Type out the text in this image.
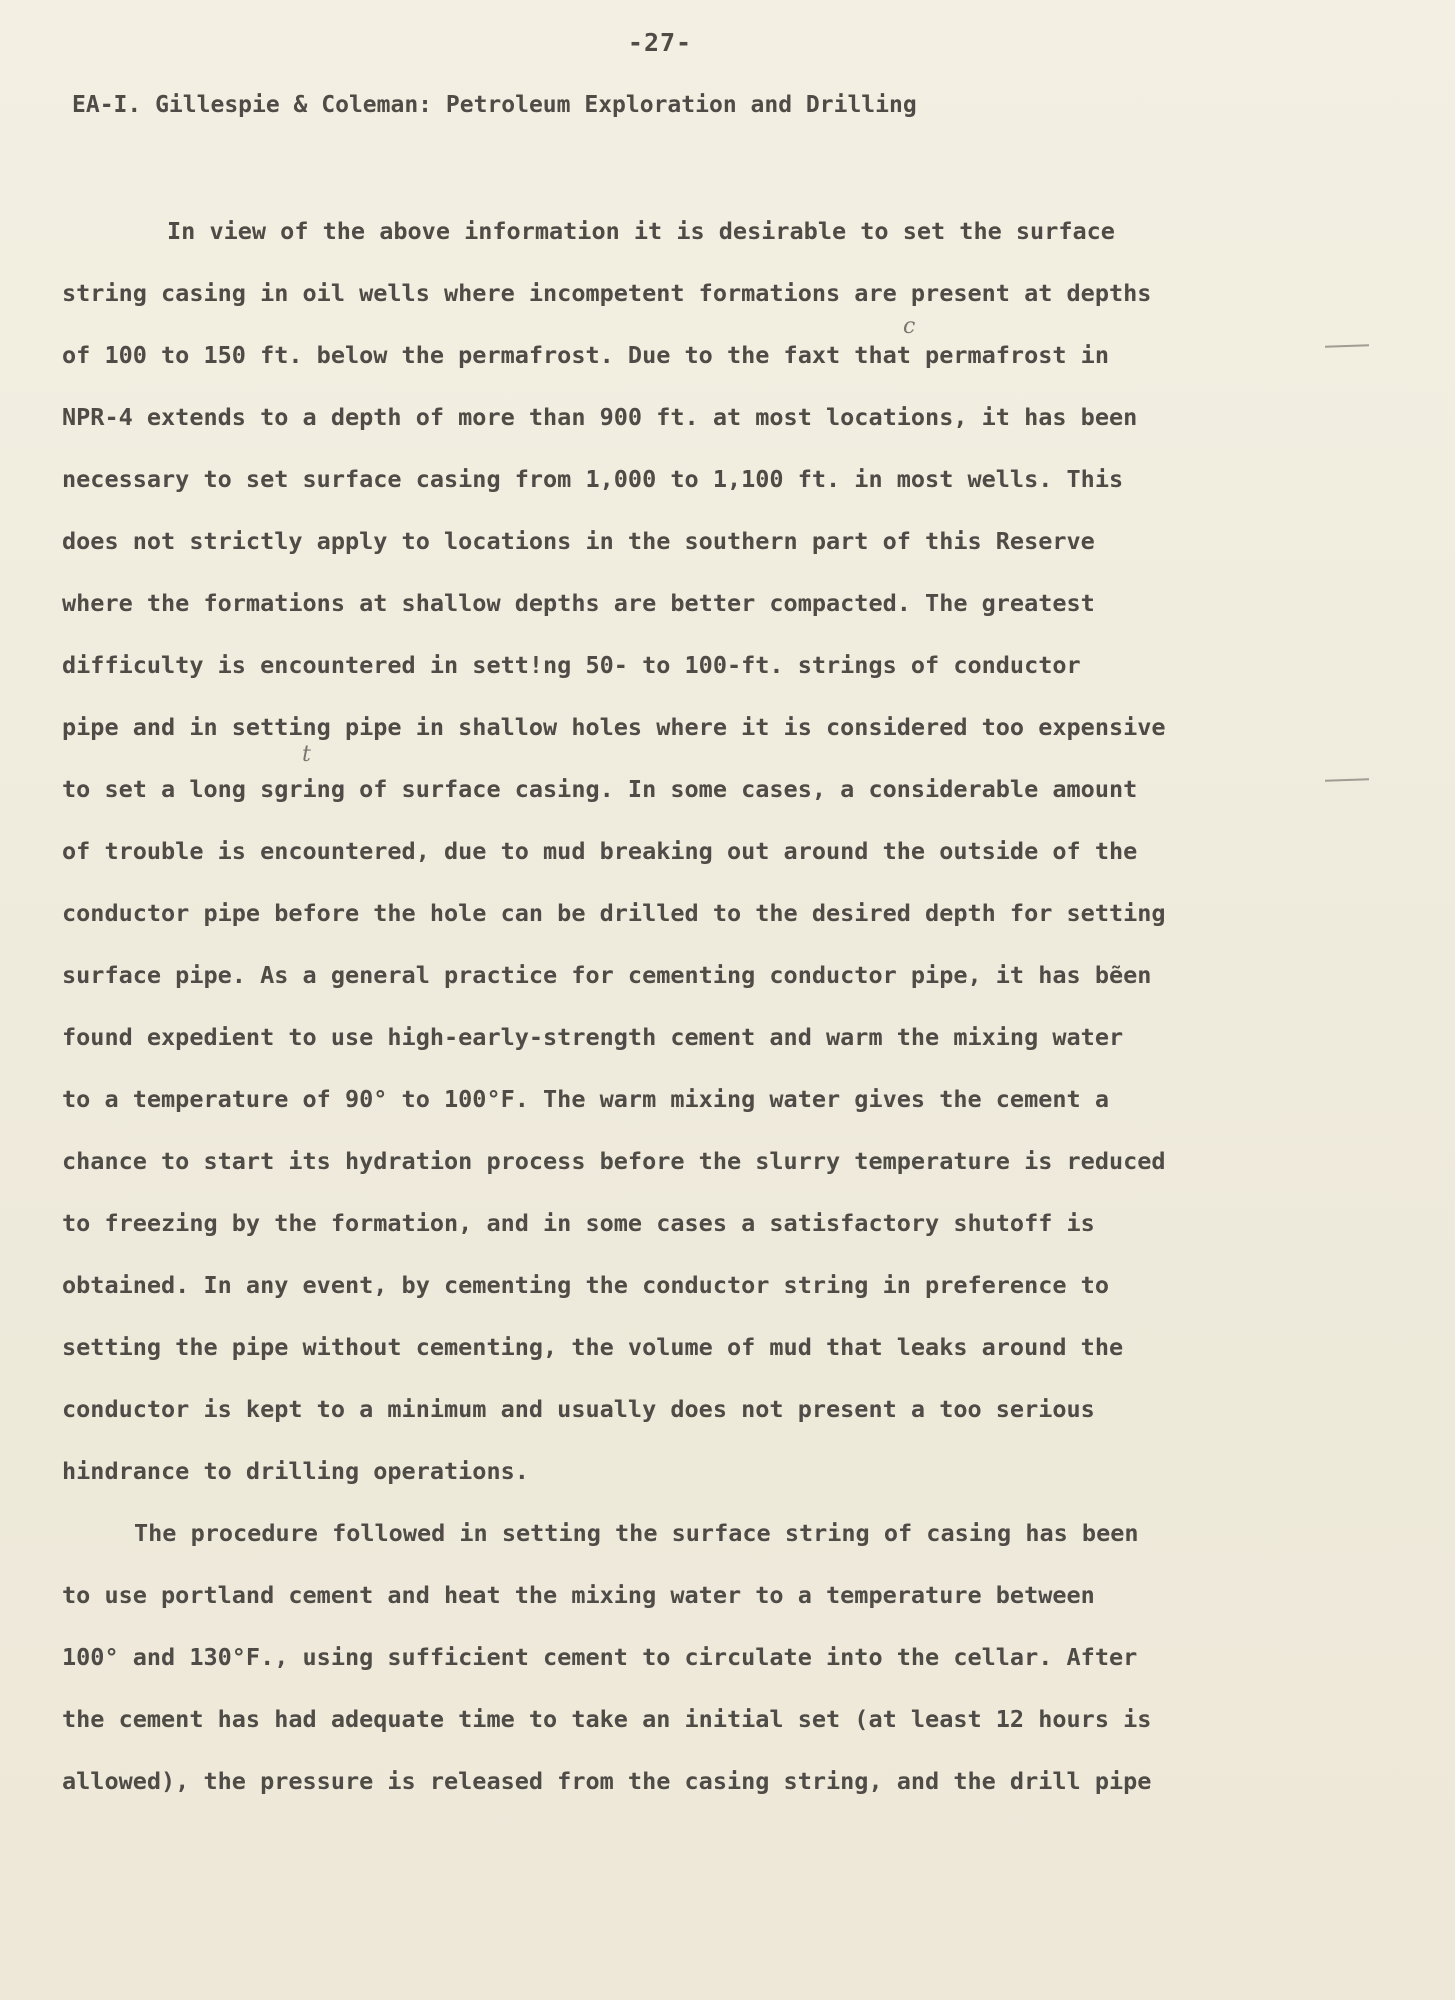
-27-
EA-I. Gillespie & Coleman: Petroleum Exploration and Drilling
In view of the above information it is desirable to set the surface
string casing in oil wells where incompetent formations are present at depths
of 100 to 150 ft. below the permafrost. Due to the faxt that permafrost in
NPR-4 extends to a depth of more than 900 ft. at most locations, it has been
necessary to set surface casing from 1,000 to 1,100 ft. in most wells. This
does not strictly apply to locations in the southern part of this Reserve
where the formations at shallow depths are better compacted. The greatest
difficulty is encountered in sett!ng 50- to 100-ft. strings of conductor
pipe and in setting pipe in shallow holes where it is considered too expensive
to set a long sgring of surface casing. In some cases, a considerable amount
of trouble is encountered, due to mud breaking out around the outside of the
conductor pipe before the hole can be drilled to the desired depth for setting
surface pipe. As a general practice for cementing conductor pipe, it has bẽen
found expedient to use high-early-strength cement and warm the mixing water
to a temperature of 90° to 100°F. The warm mixing water gives the cement a
chance to start its hydration process before the slurry temperature is reduced
to freezing by the formation, and in some cases a satisfactory shutoff is
obtained. In any event, by cementing the conductor string in preference to
setting the pipe without cementing, the volume of mud that leaks around the
conductor is kept to a minimum and usually does not present a too serious
hindrance to drilling operations.
The procedure followed in setting the surface string of casing has been
to use portland cement and heat the mixing water to a temperature between
100° and 130°F., using sufficient cement to circulate into the cellar. After
the cement has had adequate time to take an initial set (at least 12 hours is
allowed), the pressure is released from the casing string, and the drill pipe
c
t
